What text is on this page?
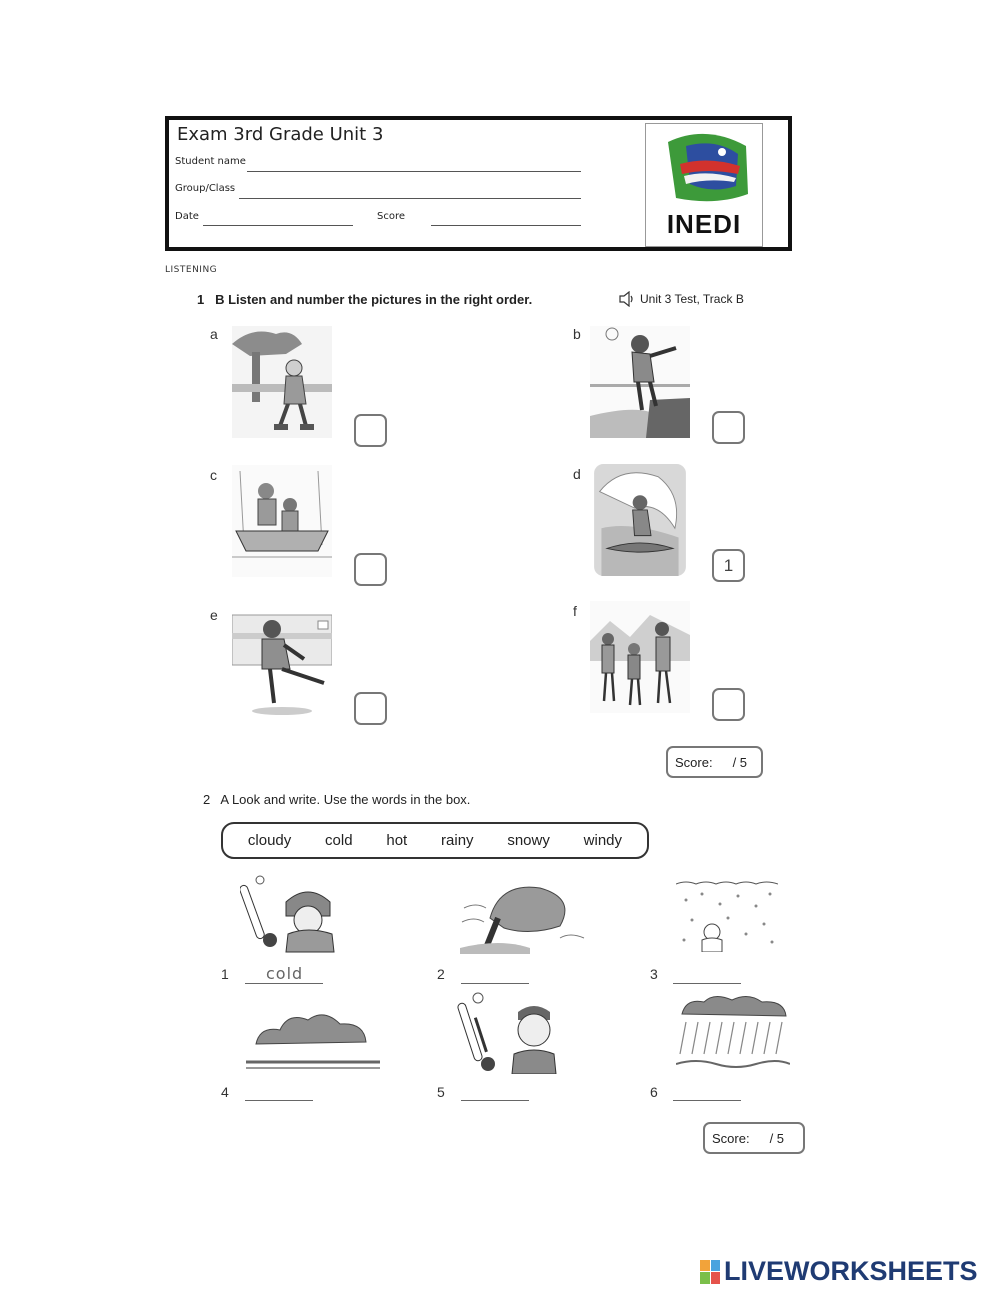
Exam 3rd Grade Unit 3
Student name
Group/Class
Date	Score	INEDI
LISTENING
1 B Listen and number the pictures in the right order.	Unit 3 Test, Track B
a	b
c	d
1
e	f
Score: / 5
2 A Look and write. Use the words in the box.
cloudy cold hot rainy snowy windy
1 cold	2	3
4	5	6
Score: / 5
LIVEWORKSHEETS
